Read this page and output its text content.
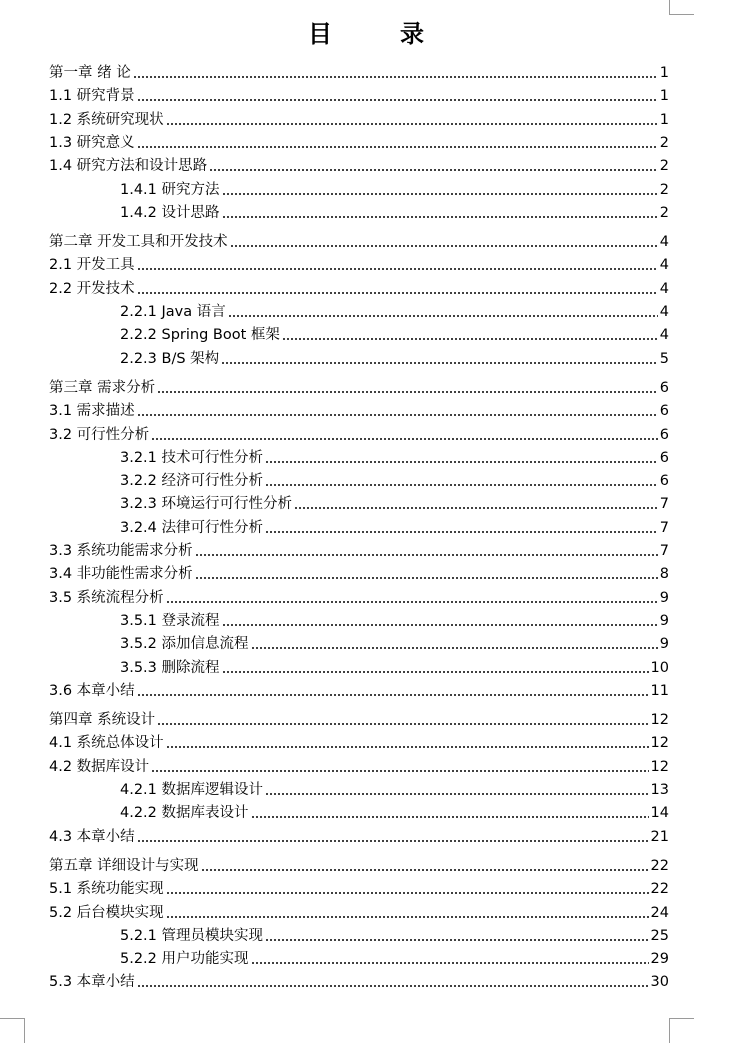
目　录
第一章 绪 论	1
1.1 研究背景	1
1.2 系统研究现状	1
1.3 研究意义	2
1.4 研究方法和设计思路	2
1.4.1 研究方法	2
1.4.2 设计思路	2
第二章 开发工具和开发技术	4
2.1 开发工具	4
2.2 开发技术	4
2.2.1 Java 语言	4
2.2.2 Spring Boot 框架	4
2.2.3 B/S 架构	5
第三章 需求分析	6
3.1 需求描述	6
3.2 可行性分析	6
3.2.1 技术可行性分析	6
3.2.2 经济可行性分析	6
3.2.3 环境运行可行性分析	7
3.2.4 法律可行性分析	7
3.3 系统功能需求分析	7
3.4 非功能性需求分析	8
3.5 系统流程分析	9
3.5.1 登录流程	9
3.5.2 添加信息流程	9
3.5.3 删除流程	10
3.6 本章小结	11
第四章 系统设计	12
4.1 系统总体设计	12
4.2 数据库设计	12
4.2.1 数据库逻辑设计	13
4.2.2 数据库表设计	14
4.3 本章小结	21
第五章 详细设计与实现	22
5.1 系统功能实现	22
5.2 后台模块实现	24
5.2.1 管理员模块实现	25
5.2.2 用户功能实现	29
5.3 本章小结	30
